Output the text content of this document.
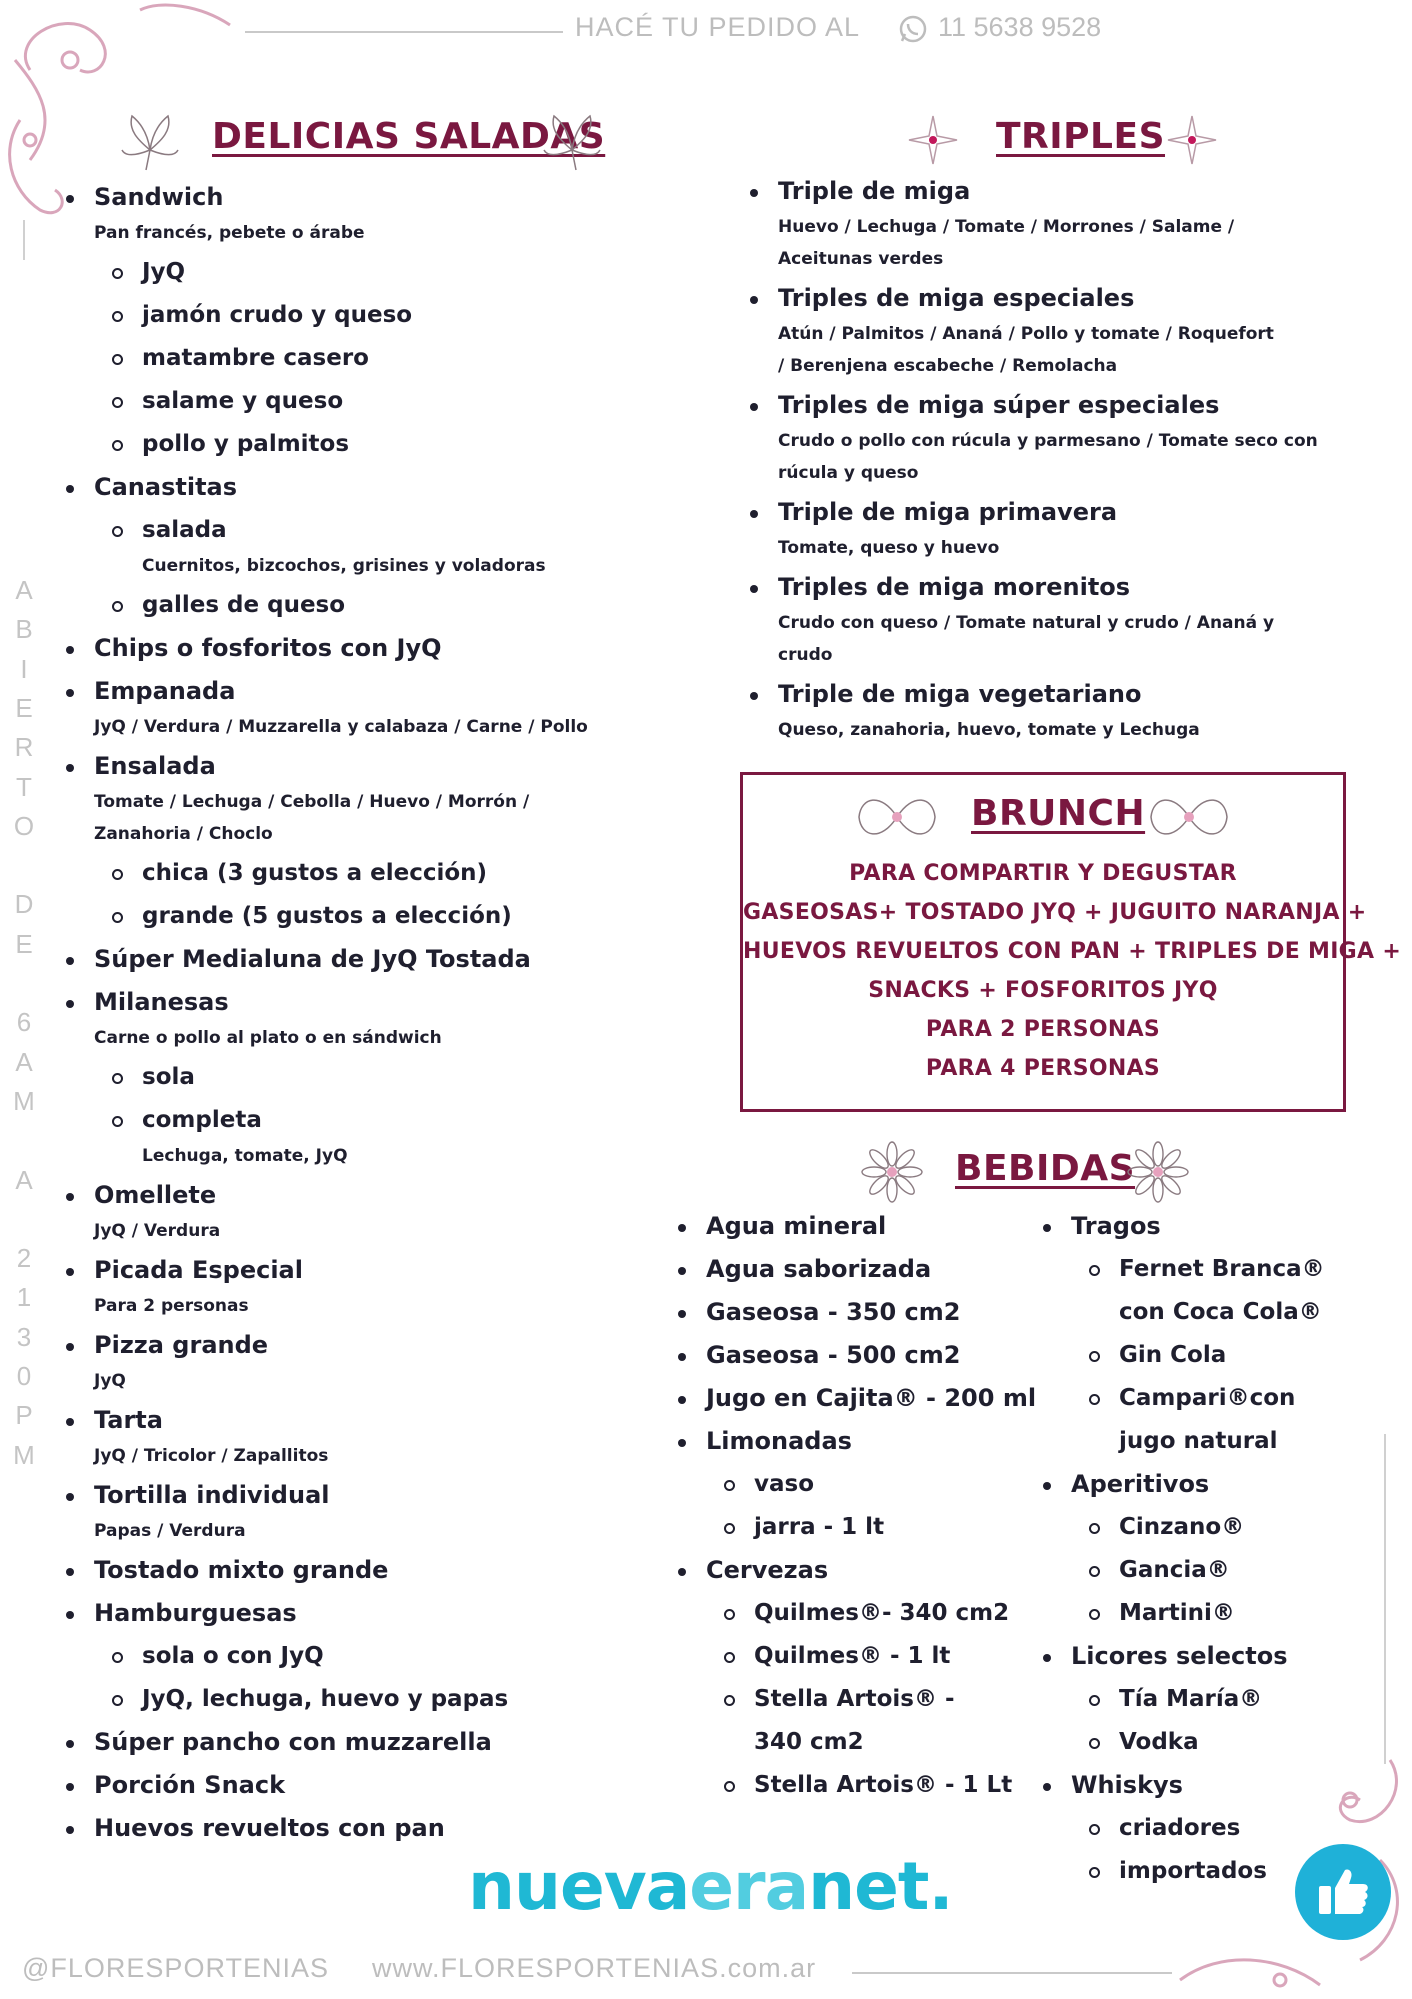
HACÉ TU PEDIDO AL	11 5638 9528
A
B
I
E
R
T
O
D
E
6
A
M
A
2
1
3
0
P
M
DELICIAS SALADAS
Sandwich
Pan francés, pebete o árabe
JyQ
jamón crudo y queso
matambre casero
salame y queso
pollo y palmitos
Canastitas
salada
Cuernitos, bizcochos, grisines y voladoras
galles de queso
Chips o fosforitos con JyQ
Empanada
JyQ / Verdura / Muzzarella y calabaza / Carne / Pollo
Ensalada
Tomate / Lechuga / Cebolla / Huevo / Morrón /
Zanahoria / Choclo
chica (3 gustos a elección)
grande (5 gustos a elección)
Súper Medialuna de JyQ Tostada
Milanesas
Carne o pollo al plato o en sándwich
sola
completa
Lechuga, tomate, JyQ
Omellete
JyQ / Verdura
Picada Especial
Para 2 personas
Pizza grande
JyQ
Tarta
JyQ / Tricolor / Zapallitos
Tortilla individual
Papas / Verdura
Tostado mixto grande
Hamburguesas
sola o con JyQ
JyQ, lechuga, huevo y papas
Súper pancho con muzzarella
Porción Snack
Huevos revueltos con pan
TRIPLES
Triple de miga
Huevo / Lechuga / Tomate / Morrones / Salame /
Aceitunas verdes
Triples de miga especiales
Atún / Palmitos / Ananá / Pollo y tomate / Roquefort
/ Berenjena escabeche / Remolacha
Triples de miga súper especiales
Crudo o pollo con rúcula y parmesano / Tomate seco con
rúcula y queso
Triple de miga primavera
Tomate, queso y huevo
Triples de miga morenitos
Crudo con queso / Tomate natural y crudo / Ananá y
crudo
Triple de miga vegetariano
Queso, zanahoria, huevo, tomate y Lechuga
BRUNCH
PARA COMPARTIR Y DEGUSTAR
GASEOSAS+ TOSTADO JYQ + JUGUITO NARANJA +
HUEVOS REVUELTOS CON PAN + TRIPLES DE MIGA +
SNACKS + FOSFORITOS JYQ
PARA 2 PERSONAS
PARA 4 PERSONAS
BEBIDAS
Agua mineral
Agua saborizada
Gaseosa - 350 cm2
Gaseosa - 500 cm2
Jugo en Cajita® - 200 ml
Limonadas
vaso
jarra - 1 lt
Cervezas
Quilmes®- 340 cm2
Quilmes® - 1 lt
Stella Artois® -
340 cm2
Stella Artois® - 1 Lt
Tragos
Fernet Branca®
con Coca Cola®
Gin Cola
Campari®con
jugo natural
Aperitivos
Cinzano®
Gancia®
Martini®
Licores selectos
Tía María®
Vodka
Whiskys
criadores
importados
nuevaeranet.
@FLORESPORTENIAS www.FLORESPORTENIAS.com.ar
